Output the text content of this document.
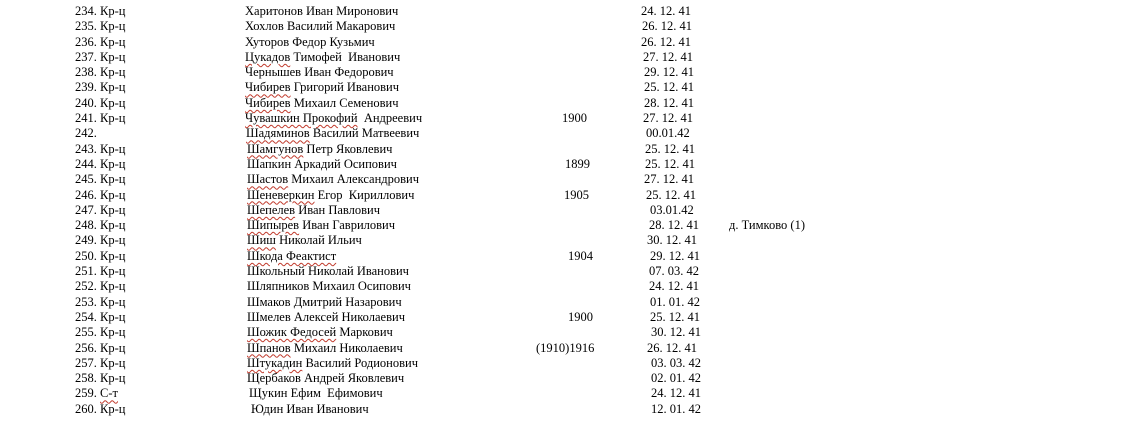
234. Кр-ц	Харитонов Иван Миронович	24. 12. 41
235. Кр-ц	Хохлов Василий Макарович	26. 12. 41
236. Кр-ц	Хуторов Федор Кузьмич	26. 12. 41
237. Кр-ц	Цукадов Тимофей  Иванович	27. 12. 41
238. Кр-ц	Чернышев Иван Федорович	29. 12. 41
239. Кр-ц	Чибирев Григорий Иванович	25. 12. 41
240. Кр-ц	Чибирев Михаил Семенович	28. 12. 41
241. Кр-ц	Чувашкин Прокофий  Андреевич	1900	27. 12. 41
242.	Шадяминов Василий Матвеевич	00.01.42
243. Кр-ц	Шамгунов Петр Яковлевич	25. 12. 41
244. Кр-ц	Шапкин Аркадий Осипович	1899	25. 12. 41
245. Кр-ц	Шастов Михаил Александрович	27. 12. 41
246. Кр-ц	Шеневеркин Егор  Кириллович	1905	25. 12. 41
247. Кр-ц	Шепелев Иван Павлович	03.01.42
248. Кр-ц	Шипырев Иван Гаврилович	28. 12. 41 д. Тимково (1)
249. Кр-ц	Шиш Николай Ильич	30. 12. 41
250. Кр-ц	Шкода Феактист	1904	29. 12. 41
251. Кр-ц	Школьный Николай Иванович	07. 03. 42
252. Кр-ц	Шляпников Михаил Осипович	24. 12. 41
253. Кр-ц	Шмаков Дмитрий Назарович	01. 01. 42
254. Кр-ц	Шмелев Алексей Николаевич	1900	25. 12. 41
255. Кр-ц	Шожик Федосей Маркович	30. 12. 41
256. Кр-ц	Шпанов Михаил Николаевич	(1910)1916	26. 12. 41
257. Кр-ц	Штукадин Василий Родионович	03. 03. 42
258. Кр-ц	Щербаков Андрей Яковлевич	02. 01. 42
259. С-т	Щукин Ефим  Ефимович	24. 12. 41
260. Кр-ц	Юдин Иван Иванович	12. 01. 42
